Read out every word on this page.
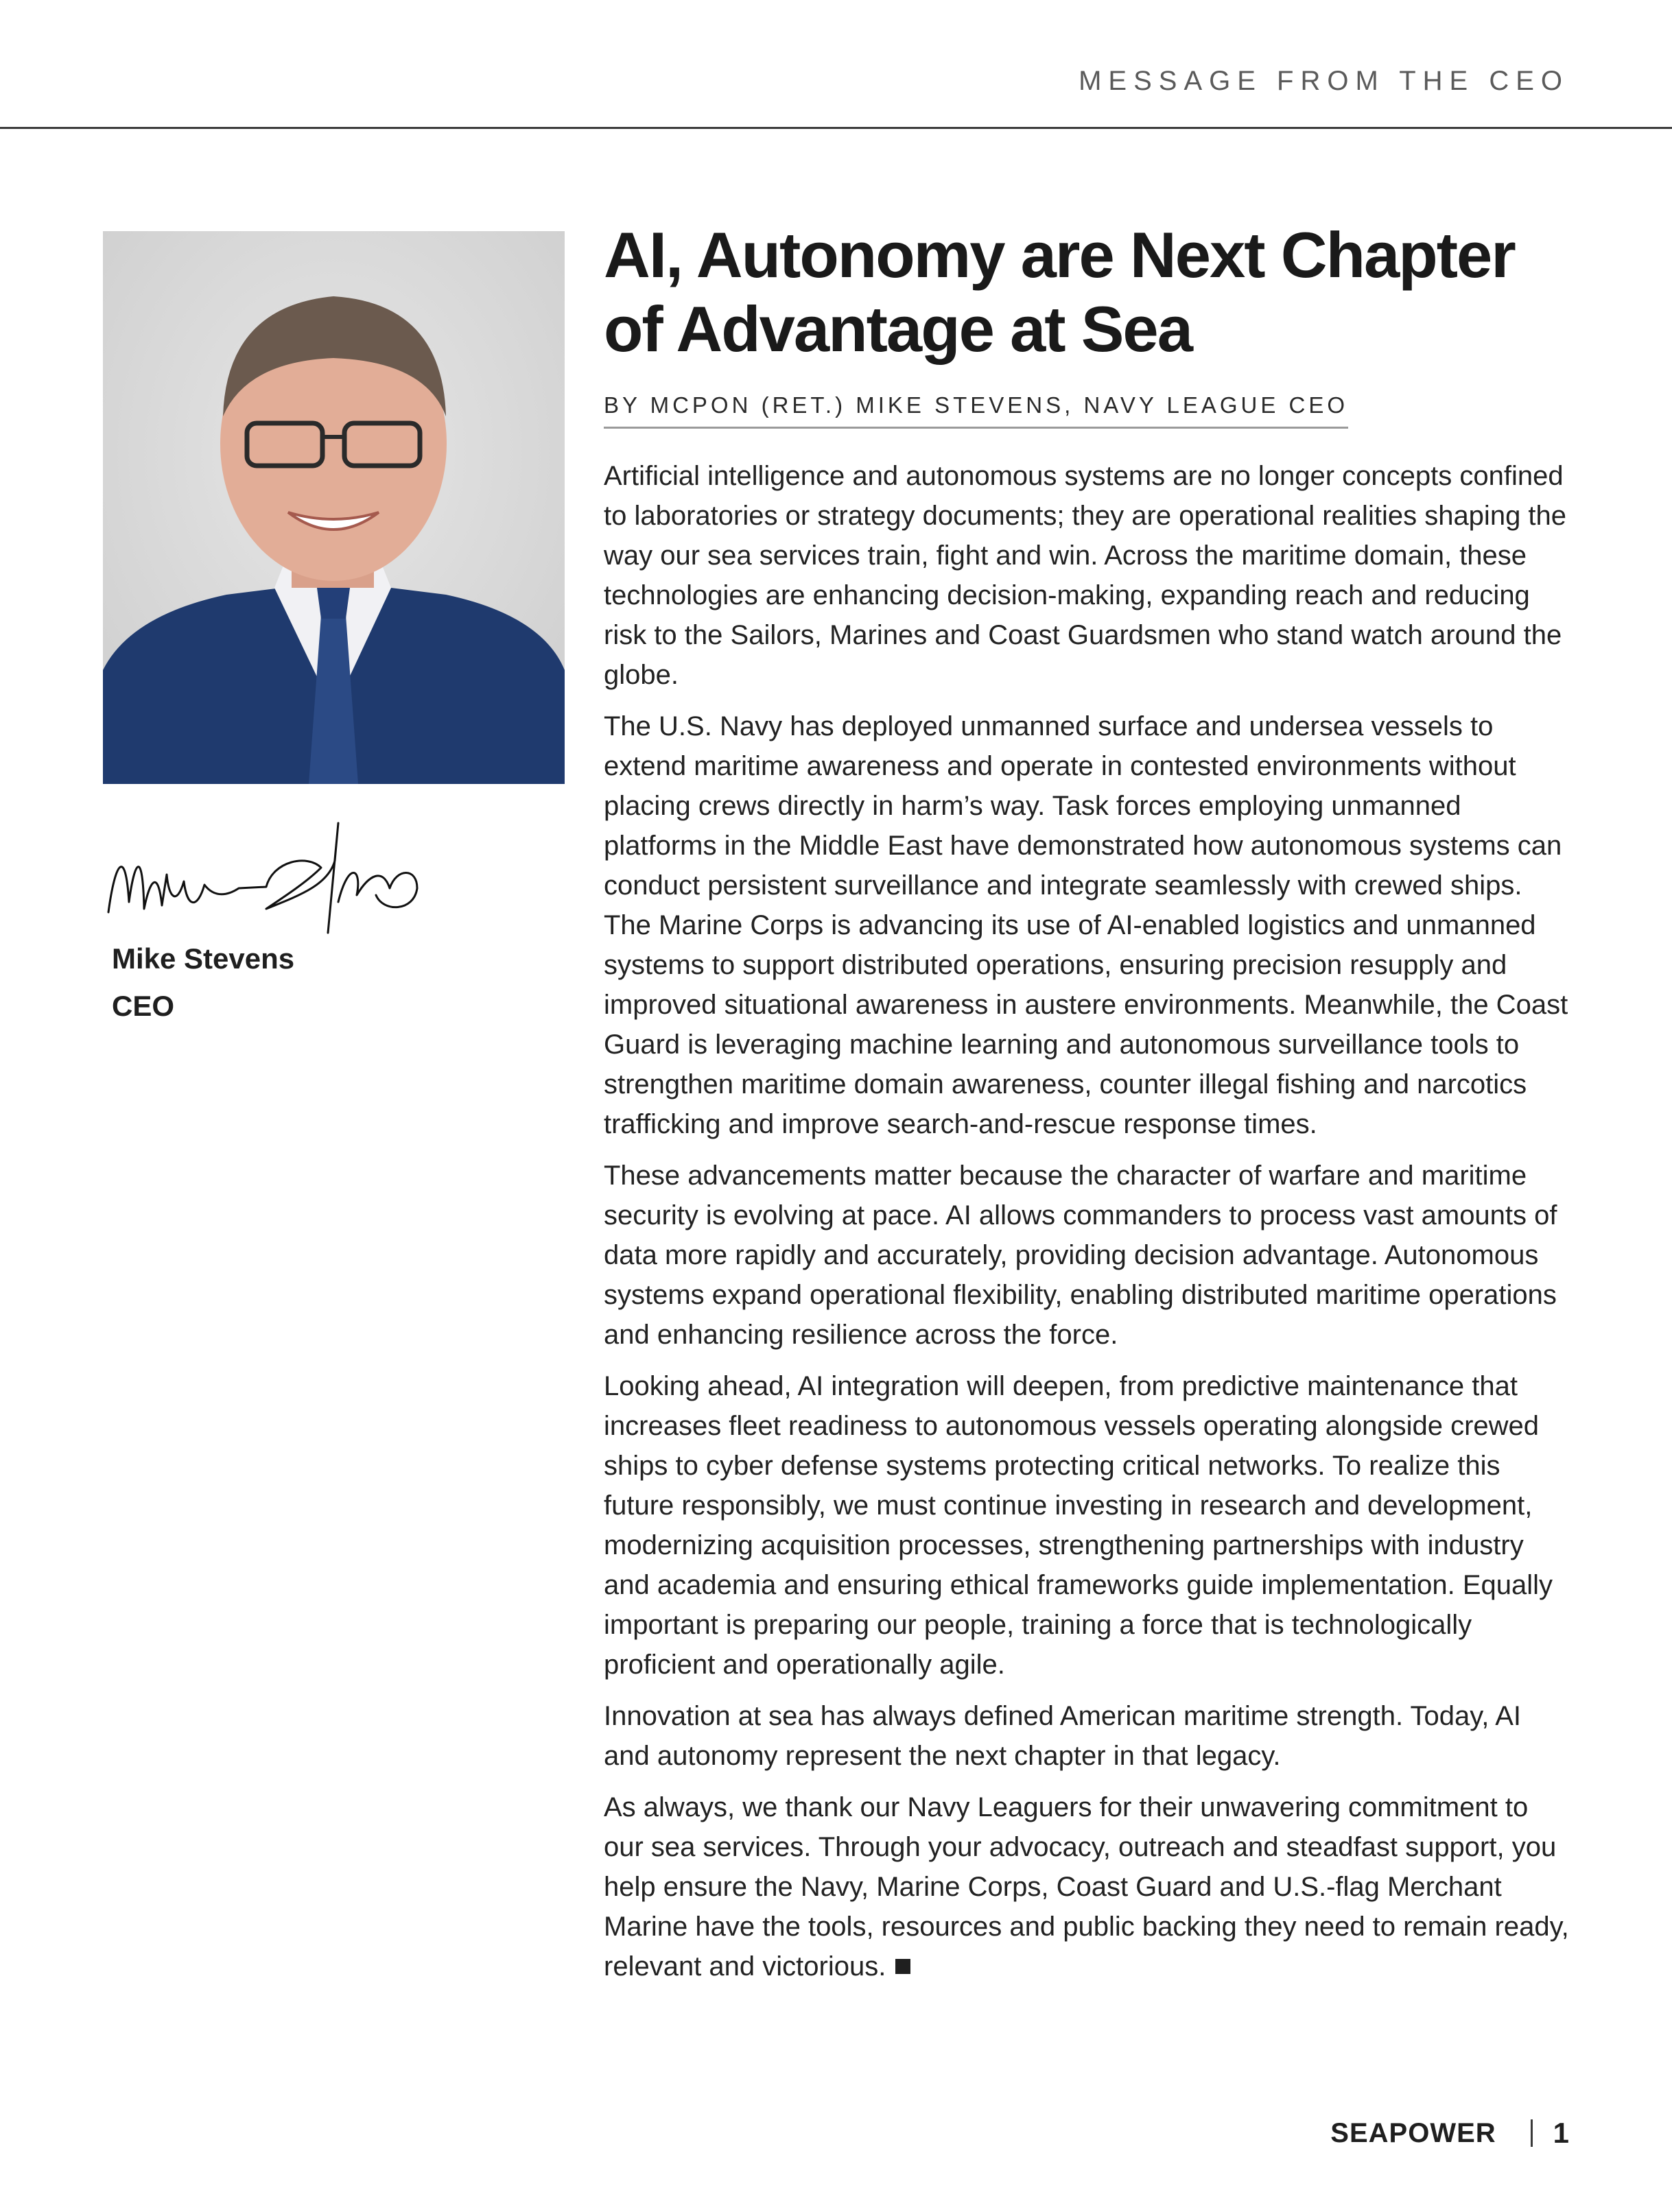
MESSAGE FROM THE CEO
Mike Stevens
CEO
AI, Autonomy are Next Chapter of Advantage at Sea
BY MCPON (RET.) MIKE STEVENS, NAVY LEAGUE CEO

Artificial intelligence and autonomous systems are no longer concepts confined to laboratories or strategy documents; they are operational realities shaping the way our sea services train, fight and win. Across the maritime domain, these technologies are enhancing decision-making, expanding reach and reducing risk to the Sailors, Marines and Coast Guardsmen who stand watch around the globe.

The U.S. Navy has deployed unmanned surface and undersea vessels to extend maritime awareness and operate in contested environments without placing crews directly in harm’s way. Task forces employing unmanned platforms in the Middle East have demonstrated how autonomous systems can conduct persistent surveillance and integrate seamlessly with crewed ships. The Marine Corps is advancing its use of AI-enabled logistics and unmanned systems to support distributed operations, ensuring precision resupply and improved situational awareness in austere environments. Meanwhile, the Coast Guard is leveraging machine learning and autonomous surveillance tools to strengthen maritime domain awareness, counter illegal fishing and narcotics trafficking and improve search-and-rescue response times.

These advancements matter because the character of warfare and maritime security is evolving at pace. AI allows commanders to process vast amounts of data more rapidly and accurately, providing decision advantage. Autonomous systems expand operational flexibility, enabling distributed maritime operations and enhancing resilience across the force.

Looking ahead, AI integration will deepen, from predictive maintenance that increases fleet readiness to autonomous vessels operating alongside crewed ships to cyber defense systems protecting critical networks. To realize this future responsibly, we must continue investing in research and development, modernizing acquisition processes, strengthening partnerships with industry and academia and ensuring ethical frameworks guide implementation. Equally important is preparing our people, training a force that is technologically proficient and operationally agile.

Innovation at sea has always defined American maritime strength. Today, AI and autonomy represent the next chapter in that legacy.

As always, we thank our Navy Leaguers for their unwavering commitment to our sea services. Through your advocacy, outreach and steadfast support, you help ensure the Navy, Marine Corps, Coast Guard and U.S.-flag Merchant Marine have the tools, resources and public backing they need to remain ready, relevant and victorious.

SEAPOWER 1
